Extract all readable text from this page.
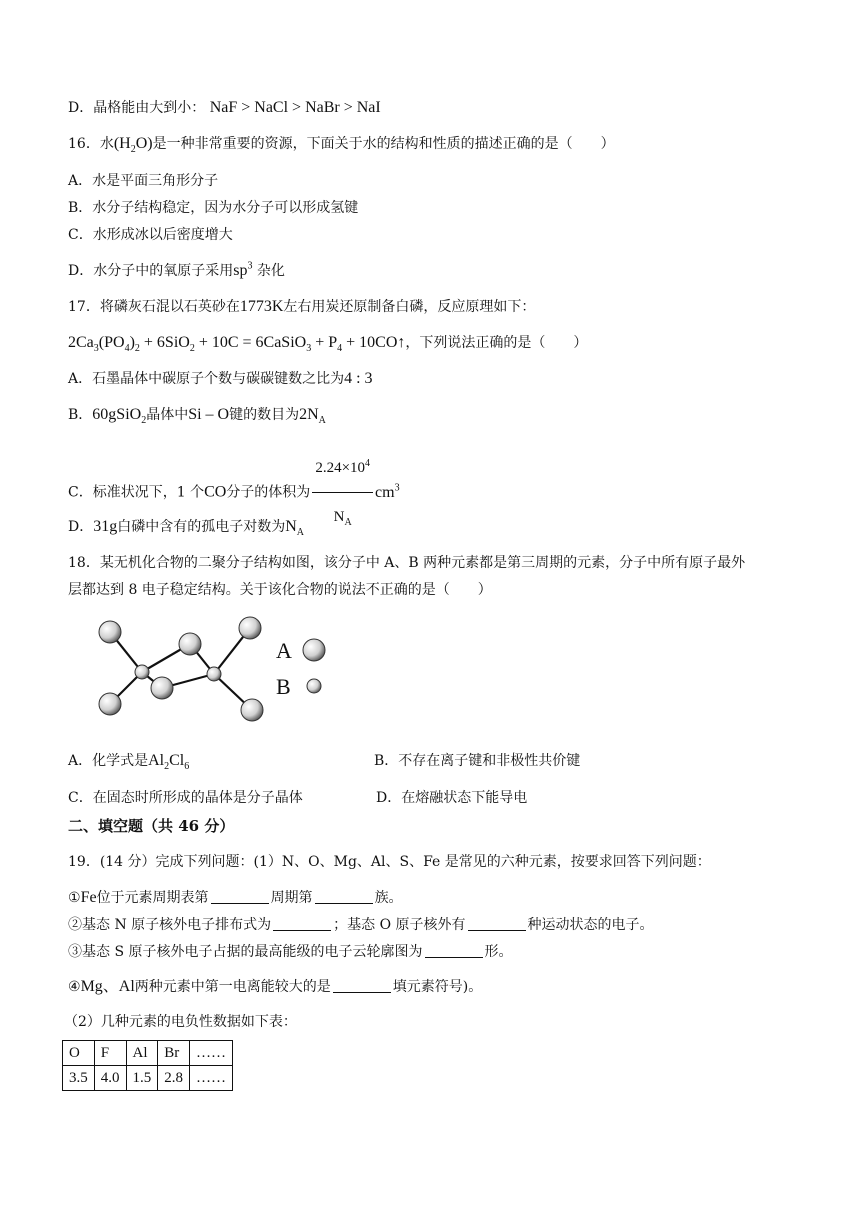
D．晶格能由大到小： NaF > NaCl > NaBr > NaI
16．水$(H_2O)$是一种非常重要的资源，下面关于水的结构和性质的描述正确的是（　　）
A．水是平面三角形分子
B．水分子结构稳定，因为水分子可以形成氢键
C．水形成冰以后密度增大
D．水分子中的氧原子采用$sp^3$ 杂化
17．将磷灰石混以石英砂在1773K左右用炭还原制备白磷，反应原理如下：
$2Ca_3(PO_4)_2 + 6SiO_2 + 10C$ = 6CaSiO$_3$ + $P_4$ + 10CO↑，下列说法正确的是（　　）
A．石墨晶体中碳原子个数与碳碳键数之比为4 : 3
B．60gSiO$_2$晶体中Si – O键的数目为$2N_A$
C．标准状况下，1 个CO分子的体积为 $\frac{2.24\times 10^4}{N_A} cm^3$
D．31g白磷中含有的孤电子对数为$N_A$
18．某无机化合物的二聚分子结构如图，该分子中 A、B 两种元素都是第三周期的元素，分子中所有原子最外
层都达到 8 电子稳定结构。关于该化合物的说法不正确的是（　　）
A
B
A．化学式是$Al_2Cl_6$	B．不存在离子键和非极性共价键
C．在固态时所形成的晶体是分子晶体	D．在熔融状态下能导电
二、填空题（共 46 分）
19．(14 分）完成下列问题：(1）N、O、Mg、Al、S、Fe 是常见的六种元素，按要求回答下列问题：
①Fe位于元素周期表第	周期第	族。
②基态 N 原子核外电子排布式为	；基态 O 原子核外有	种运动状态的电子。
③基态 S 原子核外电子占据的最高能级的电子云轮廓图为	形。
④Mg、Al两种元素中第一电离能较大的是	填元素符号)。
（2）几种元素的电负性数据如下表：
O	F	Al	Br	……
3.5	4.0	1.5	2.8	……
